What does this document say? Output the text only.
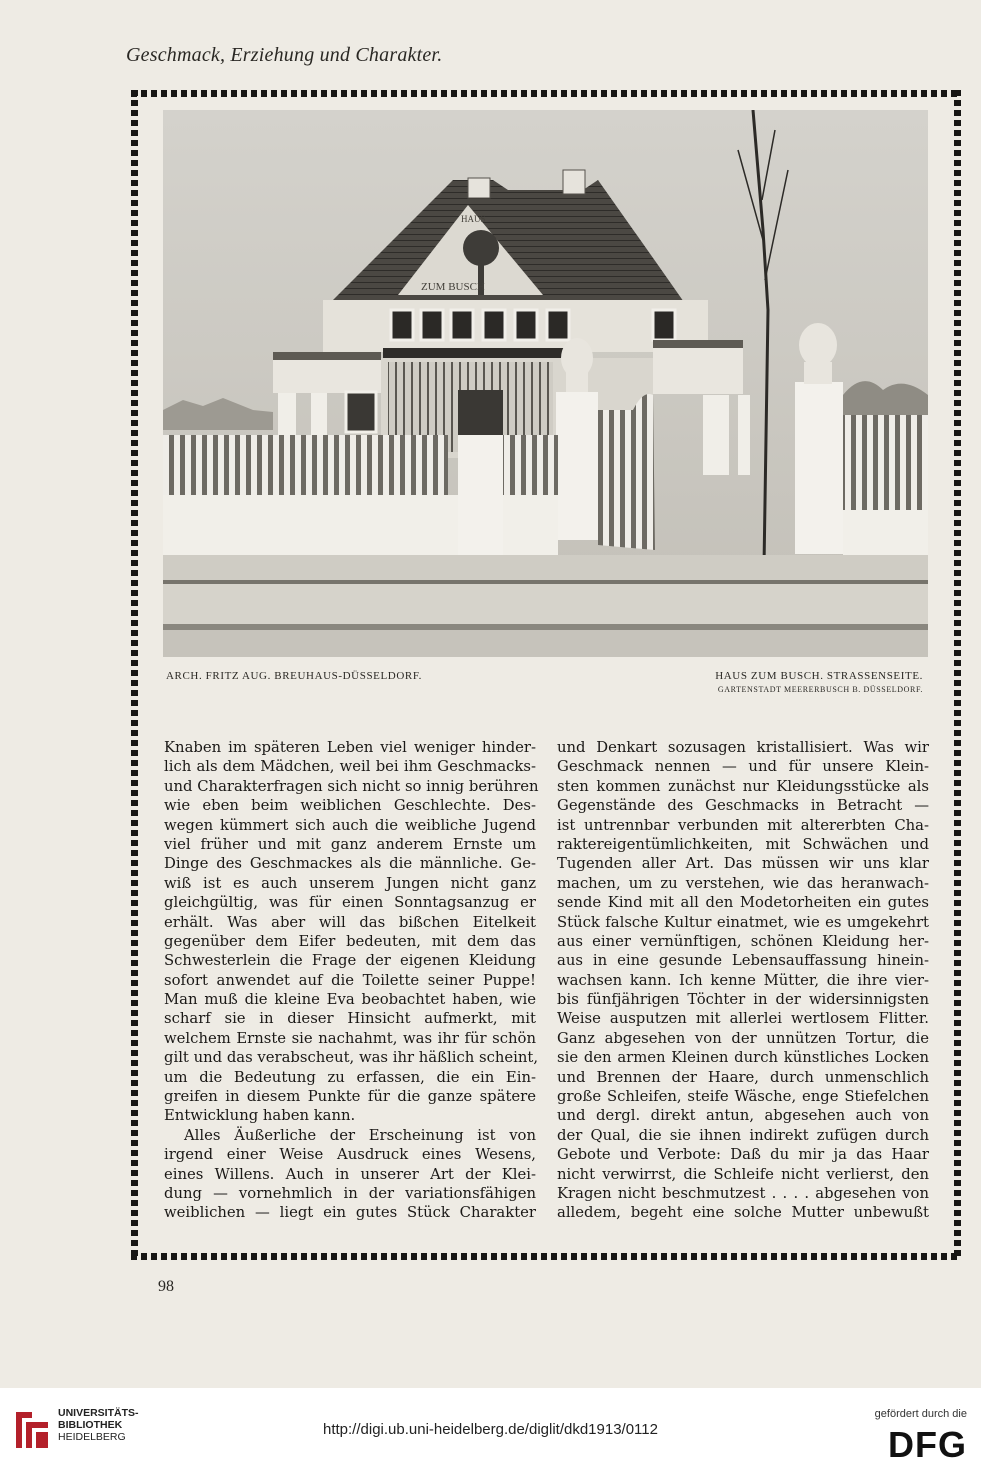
Geschmack, Erziehung und Charakter.
ZUM BUSCH
HAUS
ARCH. FRITZ AUG. BREUHAUS-DÜSSELDORF.	HAUS ZUM BUSCH. STRASSENSEITE.
GARTENSTADT MEERERBUSCH B. DÜSSELDORF.
Knaben im späteren Leben viel weniger hinder-
lich als dem Mädchen, weil bei ihm Geschmacks-
und Charakterfragen sich nicht so innig berühren
wie eben beim weiblichen Geschlechte. Des-
wegen kümmert sich auch die weibliche Jugend
viel früher und mit ganz anderem Ernste um
Dinge des Geschmackes als die männliche. Ge-
wiß ist es auch unserem Jungen nicht ganz
gleichgültig, was für einen Sonntagsanzug er
erhält. Was aber will das bißchen Eitelkeit
gegenüber dem Eifer bedeuten, mit dem das
Schwesterlein die Frage der eigenen Kleidung
sofort anwendet auf die Toilette seiner Puppe!
Man muß die kleine Eva beobachtet haben, wie
scharf sie in dieser Hinsicht aufmerkt, mit
welchem Ernste sie nachahmt, was ihr für schön
gilt und das verabscheut, was ihr häßlich scheint,
um die Bedeutung zu erfassen, die ein Ein-
greifen in diesem Punkte für die ganze spätere
Entwicklung haben kann.
Alles Äußerliche der Erscheinung ist von
irgend einer Weise Ausdruck eines Wesens,
eines Willens. Auch in unserer Art der Klei-
dung — vornehmlich in der variationsfähigen
weiblichen — liegt ein gutes Stück Charakter
und Denkart sozusagen kristallisiert. Was wir
Geschmack nennen — und für unsere Klein-
sten kommen zunächst nur Kleidungsstücke als
Gegenstände des Geschmacks in Betracht —
ist untrennbar verbunden mit altererbten Cha-
raktereigentümlichkeiten, mit Schwächen und
Tugenden aller Art. Das müssen wir uns klar
machen, um zu verstehen, wie das heranwach-
sende Kind mit all den Modetorheiten ein gutes
Stück falsche Kultur einatmet, wie es umgekehrt
aus einer vernünftigen, schönen Kleidung her-
aus in eine gesunde Lebensauffassung hinein-
wachsen kann. Ich kenne Mütter, die ihre vier-
bis fünfjährigen Töchter in der widersinnigsten
Weise ausputzen mit allerlei wertlosem Flitter.
Ganz abgesehen von der unnützen Tortur, die
sie den armen Kleinen durch künstliches Locken
und Brennen der Haare, durch unmenschlich
große Schleifen, steife Wäsche, enge Stiefelchen
und dergl. direkt antun, abgesehen auch von
der Qual, die sie ihnen indirekt zufügen durch
Gebote und Verbote: Daß du mir ja das Haar
nicht verwirrst, die Schleife nicht verlierst, den
Kragen nicht beschmutzest . . . . abgesehen von
alledem, begeht eine solche Mutter unbewußt
98
UNIVERSITÄTS-
BIBLIOTHEK
HEIDELBERG	http://digi.ub.uni-heidelberg.de/diglit/dkd1913/0112
gefördert durch die
DFG
